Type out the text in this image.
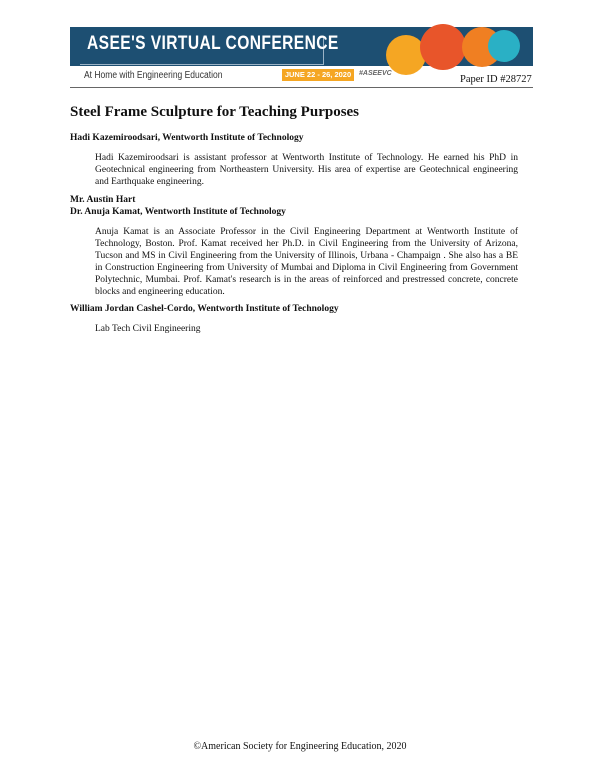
ASEE'S VIRTUAL CONFERENCE
At Home with Engineering Education	JUNE 22 - 26, 2020	#ASEEVC
Paper ID #28727
Steel Frame Sculpture for Teaching Purposes
Hadi Kazemiroodsari, Wentworth Institute of Technology
Hadi Kazemiroodsari is assistant professor at Wentworth Institute of Technology. He earned his PhD in Geotechnical engineering from Northeastern University. His area of expertise are Geotechnical engineering and Earthquake engineering.
Mr. Austin Hart
Dr. Anuja Kamat, Wentworth Institute of Technology
Anuja Kamat is an Associate Professor in the Civil Engineering Department at Wentworth Institute of Technology, Boston. Prof. Kamat received her Ph.D. in Civil Engineering from the University of Arizona, Tucson and MS in Civil Engineering from the University of Illinois, Urbana - Champaign . She also has a BE in Construction Engineering from University of Mumbai and Diploma in Civil Engineering from Government Polytechnic, Mumbai. Prof. Kamat's research is in the areas of reinforced and prestressed concrete, concrete blocks and engineering education.
William Jordan Cashel-Cordo, Wentworth Institute of Technology
Lab Tech Civil Engineering
©American Society for Engineering Education, 2020
